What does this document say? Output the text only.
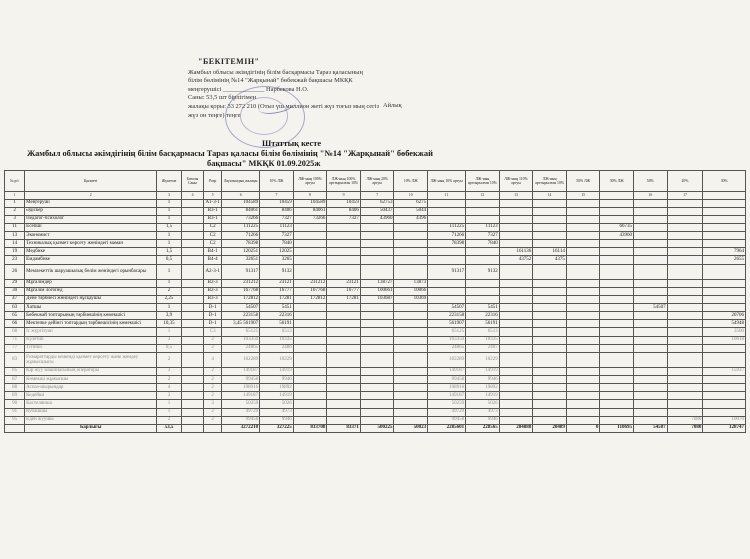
"БЕКІТЕМІН"
Жамбыл облысы әкімдігінің білім басқармасы Тараз қаласының
білім бөлімінің №14 "Жарқынай" бөбекжай бақшасы МКҚК
меңгерушісі _____________ Нарбекова Н.О.
Саны: 53,5 шт бірлігімен
жалақы қоры: 33 272 210 (Отыз үш миллион жеті жүз тоғыз мың сегіз
жүз он теңге) теңге
Айлық
Штаттық кесте
Жамбыл облысы әкімдігінің білім басқармасы Тараз қаласы білім бөлімінің "№14 "Жарқынай" бөбекжай
бақшасы" МКҚК 01.09.2025ж
№ р/с	Қызметі	Жүктеме	Бағалы Саны	Разр	Лауазымдық жалақы	10% ЛЖ	ЛЖ-ның 100% артуы	ЛЖ-ның 100% арттырылған 10%	ЛЖ-ның 20% артуы	10% ЛЖ	ЛЖ-ның 10% артуы	ЛЖ-ның арттырылған 10%	ЛЖ-ның 110% артуы	ЛЖ-ның арттырылған 10%	50% ЛЖ	30% ЛЖ	50%	20%	30%
1	2	3	4	5	6	7	8	9	7	10	11	12	13	14	15		16	17	
1	Меңгеруші	1		А1-3-1	104589	10459	104589	10459	62753	6275									
2	Әдіскер	1		В3-1	84061	8406	84061	8406	50437	5044									
3	Педагог-психолог	1		В3-1	73266	7327	73266	7327	43960	4396									
11	Есепші	1,5		С2	111225	11123					111225	11123				66735			
13	Экономист	1		С2	71266	7327					71266	7327				43960			
14	Техникалық қызмет көрсету жөніндегі маман	1		С2	78398	7840					78398	7840							
19	Медбике	1,5		В4-1	120251	12025							161136	16114					7964
23	Емдәмбике	0,5		В4-4	32651	3265							43752	4375					2655
26	Мемлекеттік шаруашылық бөлім жөніндегі орынбасары	1		А2-3-1	91317	9132					91317	9132							
29	Мұғалімдер	1		В2-3	231212	23121	231212	23121	138727	13873									
30	Мұғалім логопед	2		В2-3	167768	16777	167768	16777	100661	10066									
47	Дене тәрбиесі жөніндегі нұсқаушы	2,25		В3-3	172812	17281	172812	17281	103687	10369									
63	Хатшы	1		D-1	54507	5451					54507	5451					54507		
65	Бөбекжай топтарының тәрбиешінің көмекшісі	3,9		D-1	223158	22316					223158	22316							20706
66	Мектепке дейінгі топтардың тәрбиешісінің көмекшісі	10,35		D-1	3,45 561907	56191					561907	56191							54948
68	Іс жүргізуші	1		С3	65125	6513					65125	6513							3500
71	Күзетші	3		2	103350	10335					103350	10335							10618
77	Тігінші	0,5		2	24865	2486					24865	2487							
83	Ғимараттарды кешенді қызмет көрсету және жөндеу жұмысшысы	2		4	102289	10229					102289	10229							
85	Кір жуу машинасының операторы	3		2	149187	14919					149187	14919							15937
87	Көмекші жұмысшы	2		2	99458	9946					99458	9946							
88	Аспаз-шырындар	4		2	198916	19892					198916	19892							
89	Кедейші	3		2	149187	14919					149187	14919							
90	Кастелянша	1		3	50259	5026					50259	5026							
91	Кубашшы	1		2	49729	4973					49729	4973							
95	Еден жуушы	2		2	99458	9946					99458	9946						7080	10070
	Барлығы	53,5			3272210	327225	833708	83371	500225	50023	2285601	228565	204888	20489	0	110695	54507	7080	128747
